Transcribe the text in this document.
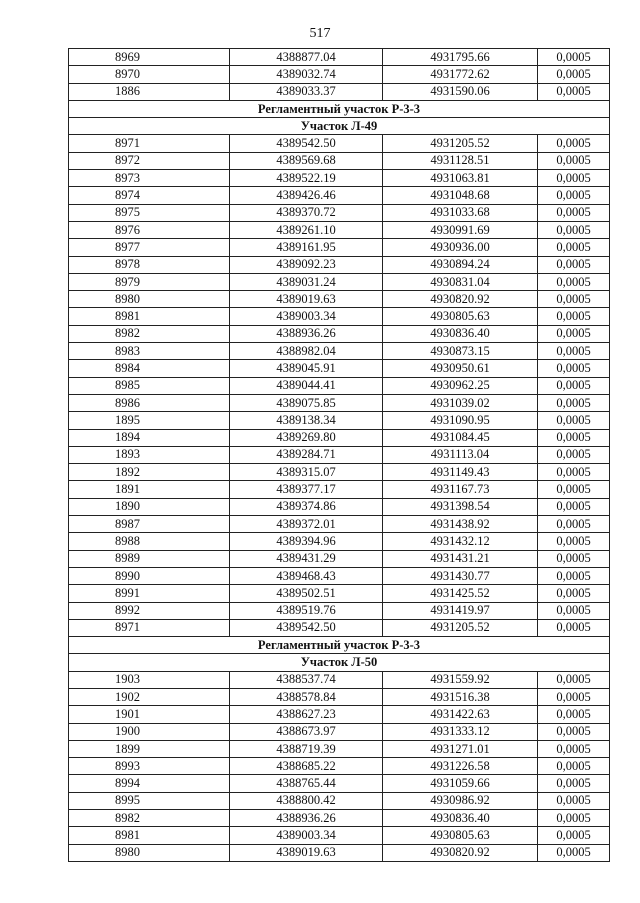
517
8969	4388877.04	4931795.66	0,0005
8970	4389032.74	4931772.62	0,0005
1886	4389033.37	4931590.06	0,0005
Регламентный участок Р-3-3			
Участок Л-49			
8971	4389542.50	4931205.52	0,0005
8972	4389569.68	4931128.51	0,0005
8973	4389522.19	4931063.81	0,0005
8974	4389426.46	4931048.68	0,0005
8975	4389370.72	4931033.68	0,0005
8976	4389261.10	4930991.69	0,0005
8977	4389161.95	4930936.00	0,0005
8978	4389092.23	4930894.24	0,0005
8979	4389031.24	4930831.04	0,0005
8980	4389019.63	4930820.92	0,0005
8981	4389003.34	4930805.63	0,0005
8982	4388936.26	4930836.40	0,0005
8983	4388982.04	4930873.15	0,0005
8984	4389045.91	4930950.61	0,0005
8985	4389044.41	4930962.25	0,0005
8986	4389075.85	4931039.02	0,0005
1895	4389138.34	4931090.95	0,0005
1894	4389269.80	4931084.45	0,0005
1893	4389284.71	4931113.04	0,0005
1892	4389315.07	4931149.43	0,0005
1891	4389377.17	4931167.73	0,0005
1890	4389374.86	4931398.54	0,0005
8987	4389372.01	4931438.92	0,0005
8988	4389394.96	4931432.12	0,0005
8989	4389431.29	4931431.21	0,0005
8990	4389468.43	4931430.77	0,0005
8991	4389502.51	4931425.52	0,0005
8992	4389519.76	4931419.97	0,0005
8971	4389542.50	4931205.52	0,0005
Регламентный участок Р-3-3			
Участок Л-50			
1903	4388537.74	4931559.92	0,0005
1902	4388578.84	4931516.38	0,0005
1901	4388627.23	4931422.63	0,0005
1900	4388673.97	4931333.12	0,0005
1899	4388719.39	4931271.01	0,0005
8993	4388685.22	4931226.58	0,0005
8994	4388765.44	4931059.66	0,0005
8995	4388800.42	4930986.92	0,0005
8982	4388936.26	4930836.40	0,0005
8981	4389003.34	4930805.63	0,0005
8980	4389019.63	4930820.92	0,0005
